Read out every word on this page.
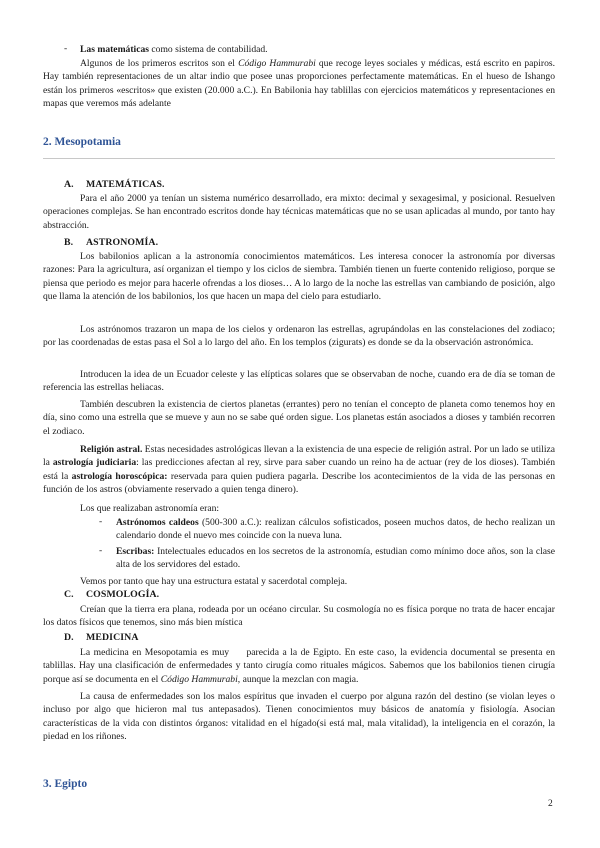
- Las matemáticas como sistema de contabilidad.

Algunos de los primeros escritos son el Código Hammurabi que recoge leyes sociales y médicas, está escrito en papiros. Hay también representaciones de un altar indio que posee unas proporciones perfectamente matemáticas. En el hueso de Ishango están los primeros «escritos» que existen (20.000 a.C.). En Babilonia hay tablillas con ejercicios matemáticos y representaciones en mapas que veremos más adelante

2. Mesopotamia

A. MATEMÁTICAS.

Para el año 2000 ya tenían un sistema numérico desarrollado, era mixto: decimal y sexagesimal, y posicional. Resuelven operaciones complejas. Se han encontrado escritos donde hay técnicas matemáticas que no se usan aplicadas al mundo, por tanto hay abstracción.

B. ASTRONOMÍA.

Los babilonios aplican a la astronomía conocimientos matemáticos. Les interesa conocer la astronomía por diversas razones: Para la agricultura, así organizan el tiempo y los ciclos de siembra. También tienen un fuerte contenido religioso, porque se piensa que periodo es mejor para hacerle ofrendas a los dioses… A lo largo de la noche las estrellas van cambiando de posición, algo que llama la atención de los babilonios, los que hacen un mapa del cielo para estudiarlo.

Los astrónomos trazaron un mapa de los cielos y ordenaron las estrellas, agrupándolas en las constelaciones del zodiaco; por las coordenadas de estas pasa el Sol a lo largo del año. En los templos (zigurats) es donde se da la observación astronómica.

Introducen la idea de un Ecuador celeste y las elípticas solares que se observaban de noche, cuando era de día se toman de referencia las estrellas heliacas.

También descubren la existencia de ciertos planetas (errantes) pero no tenían el concepto de planeta como tenemos hoy en día, sino como una estrella que se mueve y aun no se sabe qué orden sigue. Los planetas están asociados a dioses y también recorren el zodiaco.

Religión astral. Estas necesidades astrológicas llevan a la existencia de una especie de religión astral. Por un lado se utiliza la astrología judiciaria: las predicciones afectan al rey, sirve para saber cuando un reino ha de actuar (rey de los dioses). También está la astrología horoscópica: reservada para quien pudiera pagarla. Describe los acontecimientos de la vida de las personas en función de los astros (obviamente reservado a quien tenga dinero).

Los que realizaban astronomía eran:

- Astrónomos caldeos (500-300 a.C.): realizan cálculos sofisticados, poseen muchos datos, de hecho realizan un calendario donde el nuevo mes coincide con la nueva luna.

- Escribas: Intelectuales educados en los secretos de la astronomía, estudian como mínimo doce años, son la clase alta de los servidores del estado.

Vemos por tanto que hay una estructura estatal y sacerdotal compleja.

C. COSMOLOGÍA.

Creían que la tierra era plana, rodeada por un océano circular. Su cosmología no es física porque no trata de hacer encajar los datos físicos que tenemos, sino más bien mística

D. MEDICINA

La medicina en Mesopotamia es muy     parecida a la de Egipto. En este caso, la evidencia documental se presenta en tablillas. Hay una clasificación de enfermedades y tanto cirugía como rituales mágicos. Sabemos que los babilonios tienen cirugía porque así se documenta en el Código Hammurabi, aunque la mezclan con magia.

La causa de enfermedades son los malos espíritus que invaden el cuerpo por alguna razón del destino (se violan leyes o incluso por algo que hicieron mal tus antepasados). Tienen conocimientos muy básicos de anatomía y fisiología. Asocian características de la vida con distintos órganos: vitalidad en el hígado(si está mal, mala vitalidad), la inteligencia en el corazón, la piedad en los riñones.

3. Egipto
2
